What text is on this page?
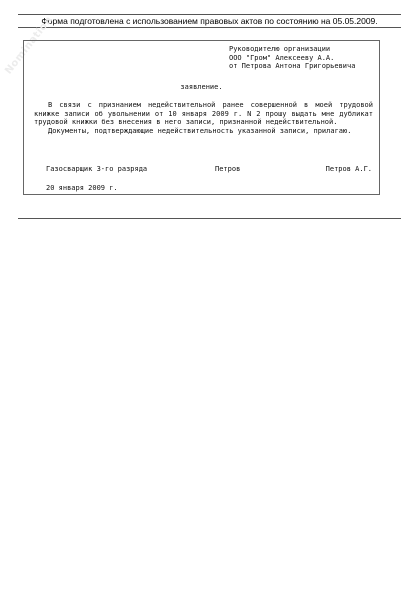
Форма подготовлена с использованием правовых актов по состоянию на 05.05.2009.
Nomination	Руководителю организации
ООО "Гром" Алексееву А.А.
от Петрова Антона Григорьевича
заявление.

В связи с признанием недействительной ранее совершенной в моей трудовой книжке записи об увольнении от 10 января 2009 г. N 2 прошу выдать мне дубликат трудовой книжки без внесения в него записи, признанной недействительной.

Документы, подтверждающие недействительность указанной записи, прилагаю.

Газосварщик 3-го разряда	Петров	Петров А.Г.
20 января 2009 г.
